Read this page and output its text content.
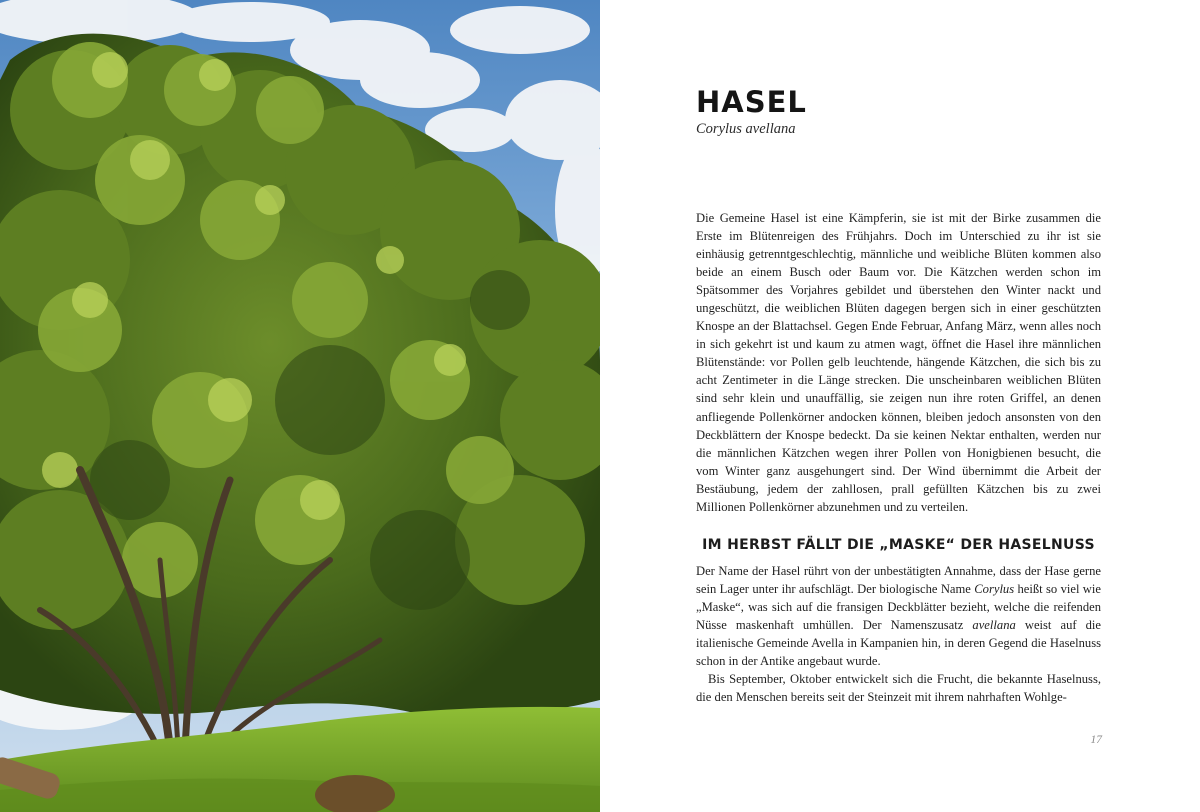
HASEL

Corylus avellana

Die Gemeine Hasel ist eine Kämpferin, sie ist mit der Birke zusammen die Erste im Blütenreigen des Frühjahrs. Doch im Unterschied zu ihr ist sie einhäusig getrenntgeschlechtig, männliche und weibliche Blüten kommen also beide an einem Busch oder Baum vor. Die Kätzchen werden schon im Spätsommer des Vorjahres gebildet und überstehen den Winter nackt und ungeschützt, die weiblichen Blüten dagegen bergen sich in einer geschützten Knospe an der Blattachsel. Gegen Ende Februar, Anfang März, wenn alles noch in sich gekehrt ist und kaum zu atmen wagt, öffnet die Hasel ihre männlichen Blütenstände: vor Pollen gelb leuchtende, hängende Kätzchen, die sich bis zu acht Zentimeter in die Länge strecken. Die unscheinbaren weiblichen Blüten sind sehr klein und unauffällig, sie zeigen nun ihre roten Griffel, an denen anfliegende Pollenkörner andocken können, bleiben jedoch ansonsten von den Deckblättern der Knospe bedeckt. Da sie keinen Nektar enthalten, werden nur die männlichen Kätzchen wegen ihrer Pollen von Honigbienen besucht, die vom Winter ganz ausgehungert sind. Der Wind übernimmt die Arbeit der Bestäubung, jedem der zahllosen, prall gefüllten Kätzchen bis zu zwei Millionen Pollenkörner abzunehmen und zu verteilen.

IM HERBST FÄLLT DIE „MASKE“ DER HASELNUSS
Der Name der Hasel rührt von der unbestätigten Annahme, dass der Hase gerne sein Lager unter ihr aufschlägt. Der biologische Name Corylus heißt so viel wie „Maske“, was sich auf die fransigen Deckblätter bezieht, welche die reifenden Nüsse maskenhaft umhüllen. Der Namenszusatz avellana weist auf die italienische Gemeinde Avella in Kampanien hin, in deren Gegend die Haselnuss schon in der Antike angebaut wurde.
Bis September, Oktober entwickelt sich die Frucht, die bekannte Haselnuss, die den Menschen bereits seit der Steinzeit mit ihrem nahrhaften Wohlge-
17
